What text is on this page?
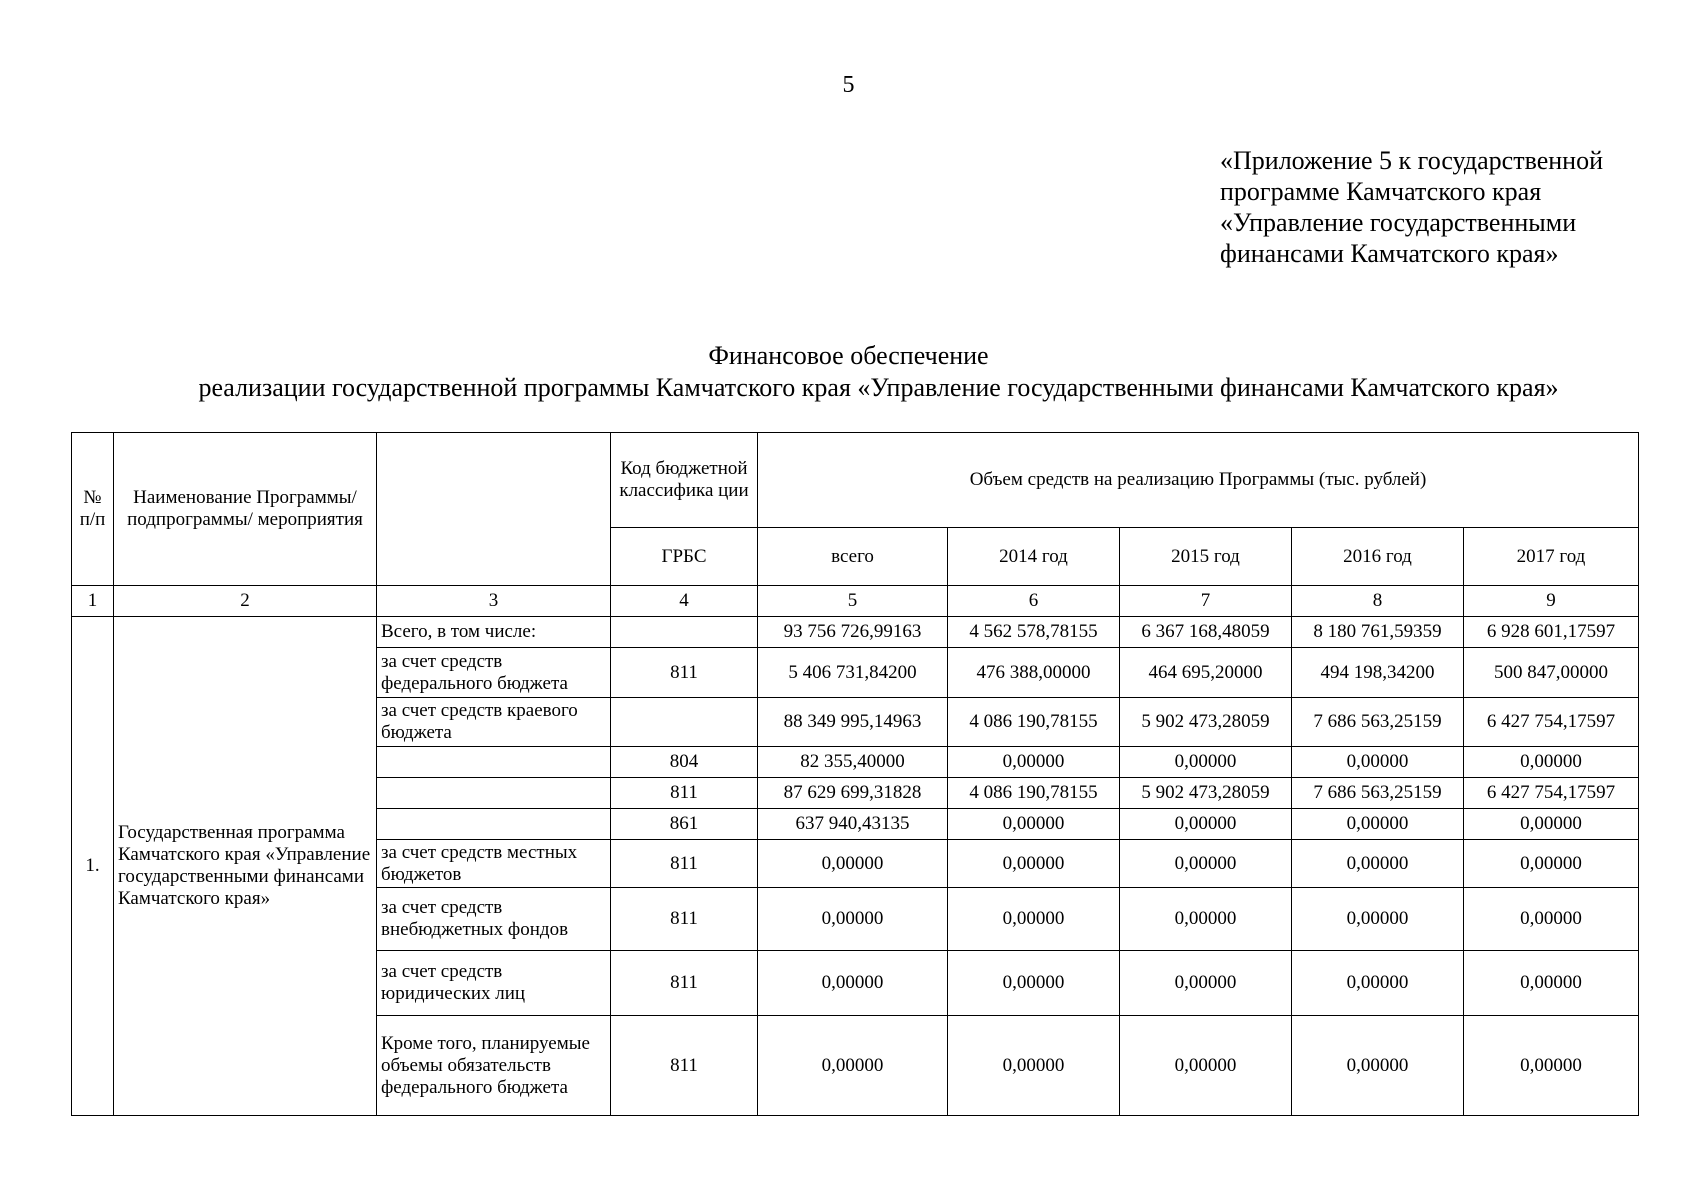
5
«Приложение 5 к государственной
программе Камчатского края
«Управление государственными
финансами Камчатского края»
Финансовое обеспечение
реализации государственной программы Камчатского края «Управление государственными финансами Камчатского края»
№ п/п	Наименование Программы/ подпрограммы/ мероприятия		Код бюджетной классифика ции	Объем средств на реализацию Программы (тыс. рублей)				
			ГРБС	всего	2014 год	2015 год	2016 год	2017 год
1	2	3	4	5	6	7	8	9
1.	Государственная программа Камчатского края «Управление государственными финансами Камчатского края»	Всего, в том числе:		93 756 726,99163	4 562 578,78155	6 367 168,48059	8 180 761,59359	6 928 601,17597
		за счет средств федерального бюджета	811	5 406 731,84200	476 388,00000	464 695,20000	494 198,34200	500 847,00000
		за счет средств краевого бюджета		88 349 995,14963	4 086 190,78155	5 902 473,28059	7 686 563,25159	6 427 754,17597
			804	82 355,40000	0,00000	0,00000	0,00000	0,00000
			811	87 629 699,31828	4 086 190,78155	5 902 473,28059	7 686 563,25159	6 427 754,17597
			861	637 940,43135	0,00000	0,00000	0,00000	0,00000
		за счет средств местных бюджетов	811	0,00000	0,00000	0,00000	0,00000	0,00000
		за счет средств внебюджетных фондов	811	0,00000	0,00000	0,00000	0,00000	0,00000
		за счет средств юридических лиц	811	0,00000	0,00000	0,00000	0,00000	0,00000
		Кроме того, планируемые объемы обязательств федерального бюджета	811	0,00000	0,00000	0,00000	0,00000	0,00000
